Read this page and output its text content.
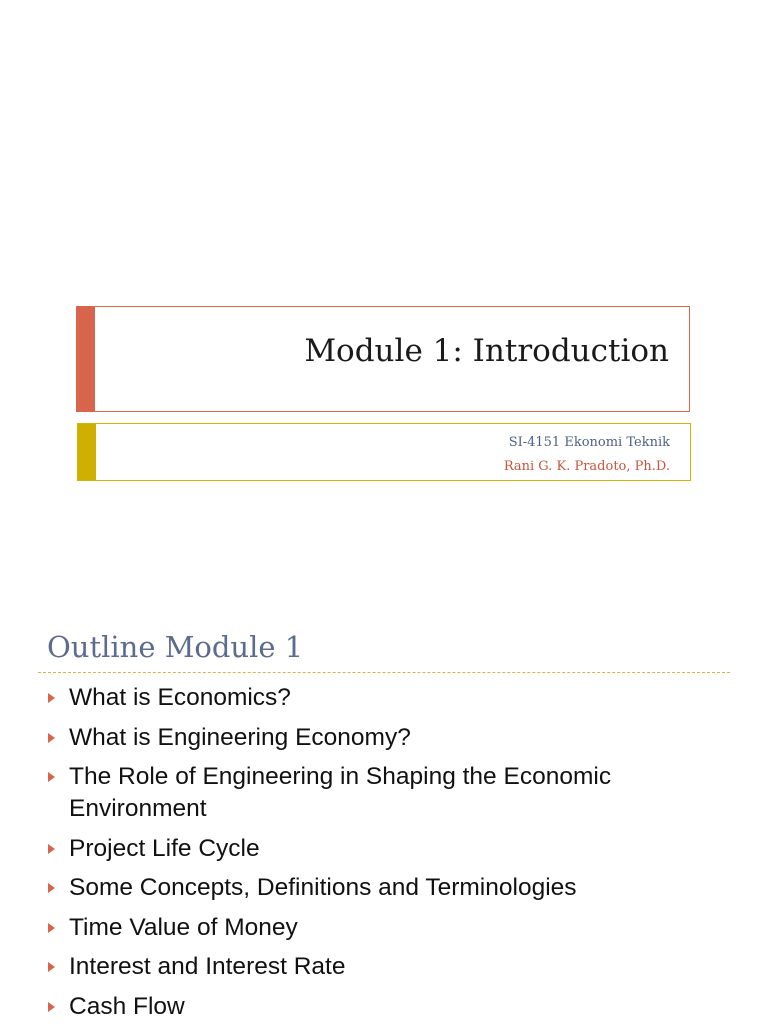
Module 1: Introduction
SI-4151 Ekonomi Teknik
Rani G. K. Pradoto, Ph.D.
Outline Module 1
What is Economics?
What is Engineering Economy?
The Role of Engineering in Shaping the Economic Environment
Project Life Cycle
Some Concepts, Definitions and Terminologies
Time Value of Money
Interest and Interest Rate
Cash Flow
